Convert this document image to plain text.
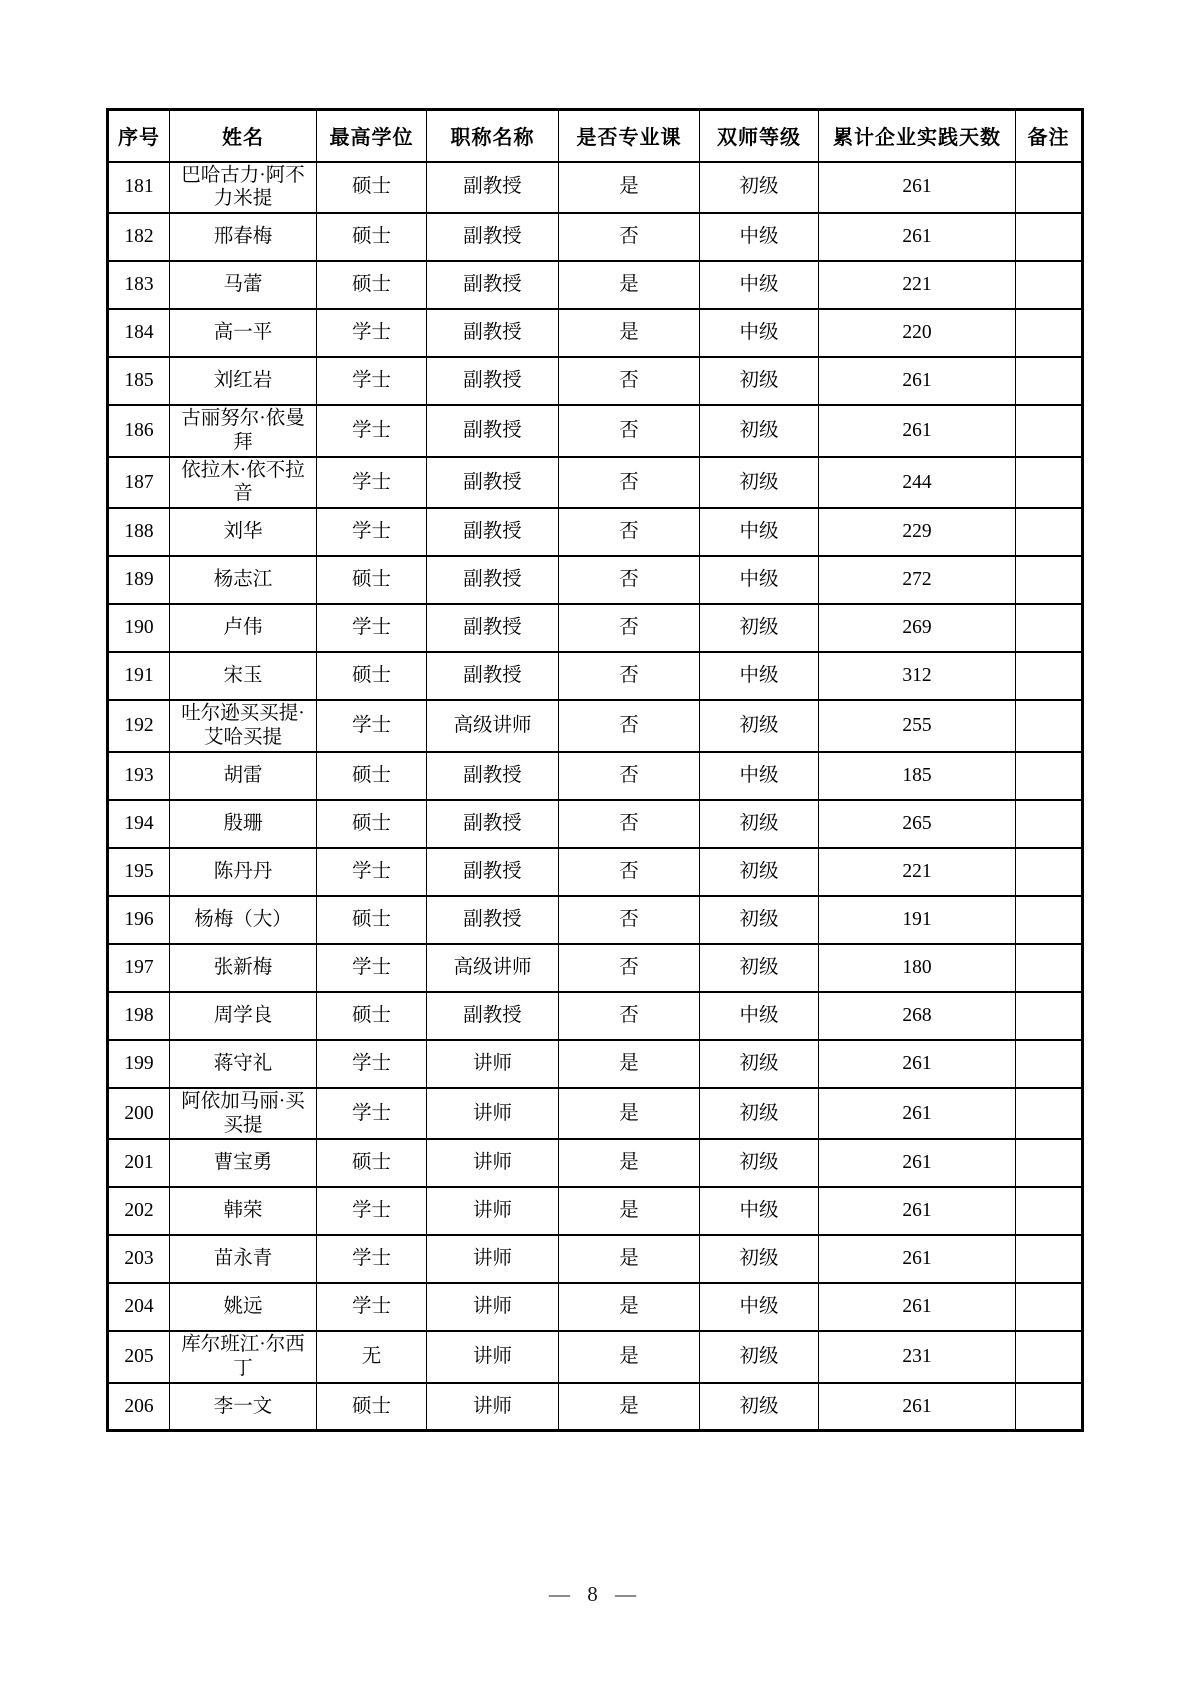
序号	姓名	最高学位	职称名称	是否专业课	双师等级	累计企业实践天数	备注
181	巴哈古力·阿不力米提	硕士	副教授	是	初级	261	
182	邢春梅	硕士	副教授	否	中级	261	
183	马蕾	硕士	副教授	是	中级	221	
184	高一平	学士	副教授	是	中级	220	
185	刘红岩	学士	副教授	否	初级	261	
186	古丽努尔·依曼拜	学士	副教授	否	初级	261	
187	依拉木·依不拉音	学士	副教授	否	初级	244	
188	刘华	学士	副教授	否	中级	229	
189	杨志江	硕士	副教授	否	中级	272	
190	卢伟	学士	副教授	否	初级	269	
191	宋玉	硕士	副教授	否	中级	312	
192	吐尔逊买买提·艾哈买提	学士	高级讲师	否	初级	255	
193	胡雷	硕士	副教授	否	中级	185	
194	殷珊	硕士	副教授	否	初级	265	
195	陈丹丹	学士	副教授	否	初级	221	
196	杨梅（大）	硕士	副教授	否	初级	191	
197	张新梅	学士	高级讲师	否	初级	180	
198	周学良	硕士	副教授	否	中级	268	
199	蒋守礼	学士	讲师	是	初级	261	
200	阿依加马丽·买买提	学士	讲师	是	初级	261	
201	曹宝勇	硕士	讲师	是	初级	261	
202	韩荣	学士	讲师	是	中级	261	
203	苗永青	学士	讲师	是	初级	261	
204	姚远	学士	讲师	是	中级	261	
205	库尔班江·尔西丁	无	讲师	是	初级	231	
206	李一文	硕士	讲师	是	初级	261	
— 8 —
